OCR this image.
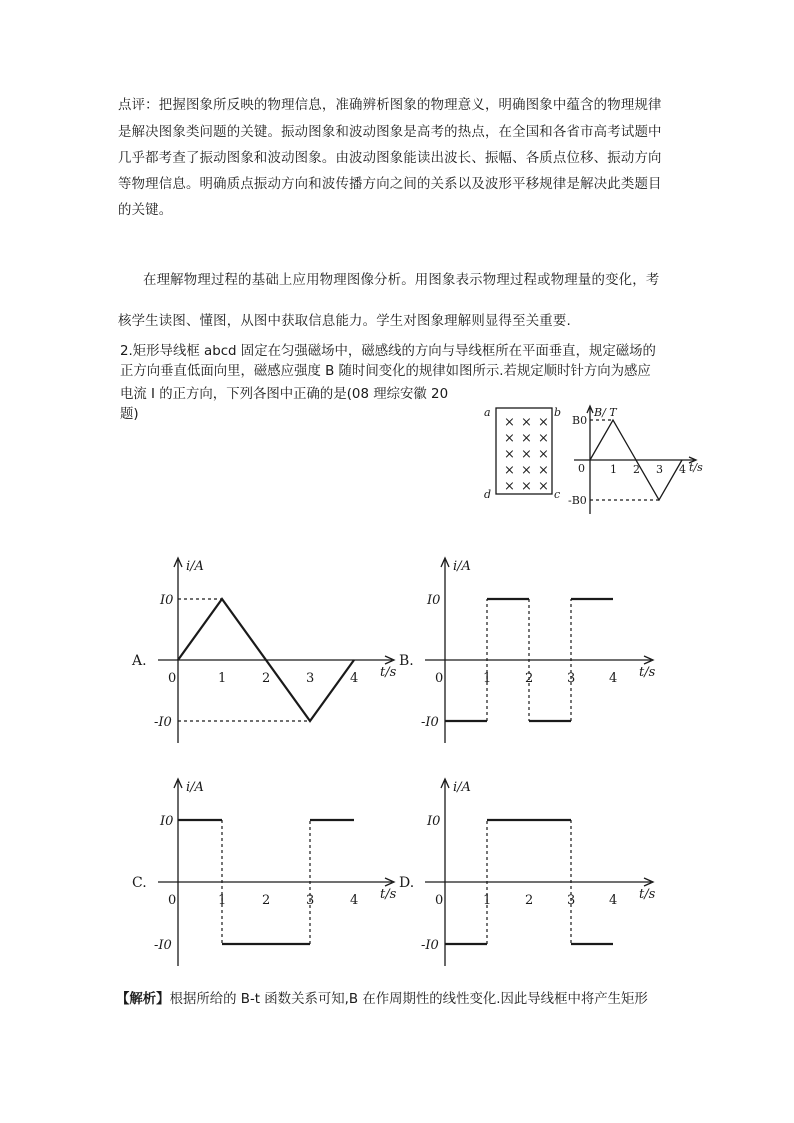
点评：把握图象所反映的物理信息，准确辨析图象的物理意义，明确图象中蕴含的物理规律
是解决图象类问题的关键。振动图象和波动图象是高考的热点，在全国和各省市高考试题中
几乎都考查了振动图象和波动图象。由波动图象能读出波长、振幅、各质点位移、振动方向
等物理信息。明确质点振动方向和波传播方向之间的关系以及波形平移规律是解决此类题目
的关键。
在理解物理过程的基础上应用物理图像分析。用图象表示物理过程或物理量的变化，考
核学生读图、懂图，从图中获取信息能力。学生对图象理解则显得至关重要.
2.矩形导线框 abcd 固定在匀强磁场中，磁感线的方向与导线框所在平面垂直，规定磁场的
正方向垂直低面向里，磁感应强度 B 随时间变化的规律如图所示.若规定顺时针方向为感应
电流 I 的正方向，下列各图中正确的是(08 理综安徽 20
题)	a	b
c
d
× × ×
× × ×
× × ×
× × ×
× × ×
B/ T
t/s
0
B0
-B0
1 2 3 4
i/A
t/s
A.
0
I0
-I0
1	2	3	4
i/A
t/s
B.
0
I0
-I0
1	2	3	4
i/A
t/s
C.
0
I0
-I0
1	2	3	4
i/A
t/s
D.
0
I0
-I0
1	2	3	4
【解析】根据所给的 B-t 函数关系可知,B 在作周期性的线性变化.因此导线框中将产生矩形
